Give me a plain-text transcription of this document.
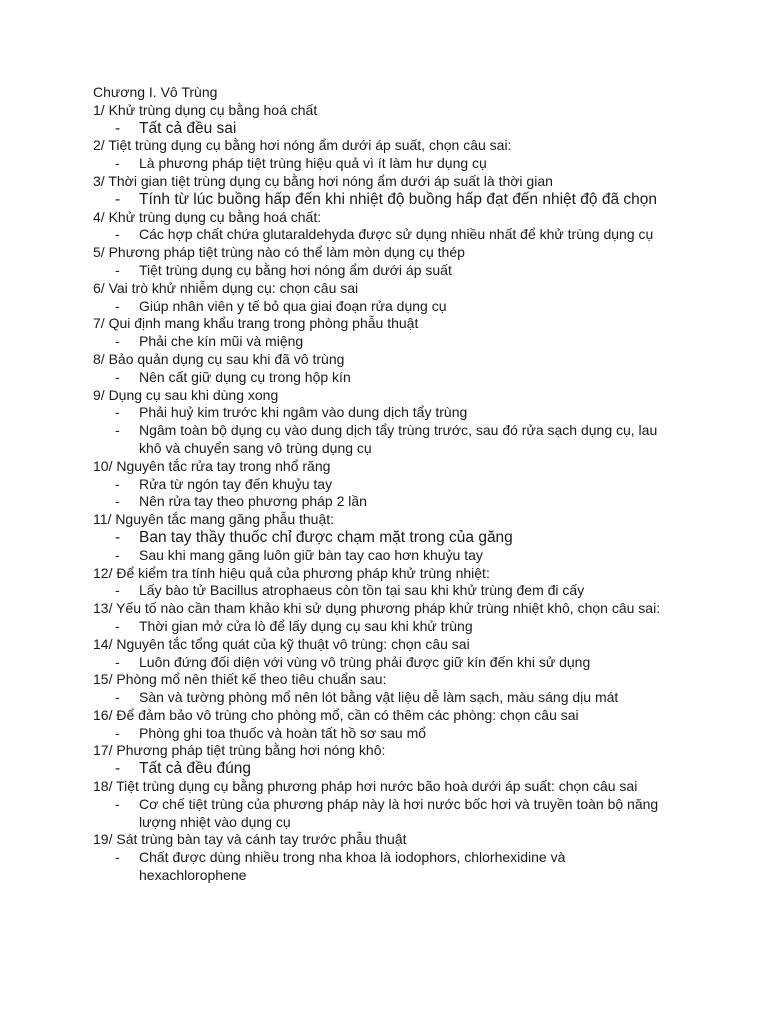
Chương I. Vô Trùng
1/ Khử trùng dụng cụ bằng hoá chất
- Tất cả đều sai
2/ Tiệt trùng dụng cụ bằng hơi nóng ẩm dưới áp suất, chọn câu sai:
- Là phương pháp tiệt trùng hiệu quả vì ít làm hư dụng cụ
3/ Thời gian tiệt trùng dụng cụ bằng hơi nóng ẩm dưới áp suất là thời gian
- Tính từ lúc buồng hấp đến khi nhiệt độ buồng hấp đạt đến nhiệt độ đã chọn
4/ Khử trùng dụng cụ bằng hoá chất:
- Các hợp chất chứa glutaraldehyda được sử dụng nhiều nhất để khử trùng dụng cụ
5/ Phương pháp tiệt trùng nào có thể làm mòn dụng cụ thép
- Tiệt trùng dụng cụ bằng hơi nóng ẩm dưới áp suất
6/ Vai trò khử nhiễm dụng cụ: chọn câu sai
- Giúp nhân viên y tế bỏ qua giai đoạn rửa dụng cụ
7/ Qui định mang khẩu trang trong phòng phẫu thuật
- Phải che kín mũi và miệng
8/ Bảo quản dụng cụ sau khi đã vô trùng
- Nên cất giữ dụng cụ trong hộp kín
9/ Dụng cụ sau khi dùng xong
- Phải huỷ kim trước khi ngâm vào dung dịch tẩy trùng
- Ngâm toàn bộ dụng cụ vào dung dịch tẩy trùng trước, sau đó rửa sạch dụng cụ, lau khô và chuyển sang vô trùng dụng cụ
10/ Nguyên tắc rửa tay trong nhổ răng
- Rửa từ ngón tay đến khuỷu tay
- Nên rửa tay theo phương pháp 2 lần
11/ Nguyên tắc mang găng phẫu thuật:
- Ban tay thầy thuốc chỉ được chạm mặt trong của găng
- Sau khi mang găng luôn giữ bàn tay cao hơn khuỷu tay
12/ Để kiểm tra tính hiệu quả của phương pháp khử trùng nhiệt:
- Lấy bào tử Bacillus atrophaeus còn tồn tại sau khi khử trùng đem đi cấy
13/ Yếu tố nào cần tham khảo khi sử dụng phương pháp khử trùng nhiệt khô, chọn câu sai:
- Thời gian mở cửa lò để lấy dụng cụ sau khi khử trùng
14/ Nguyên tắc tổng quát của kỹ thuật vô trùng: chọn câu sai
- Luôn đứng đối diện với vùng vô trùng phải được giữ kín đến khi sử dụng
15/ Phòng mổ nên thiết kế theo tiêu chuẩn sau:
- Sàn và tường phòng mổ nên lót bằng vật liệu dễ làm sạch, màu sáng dịu mát
16/ Để đảm bảo vô trùng cho phòng mổ, cần có thêm các phòng: chọn câu sai
- Phòng ghi toa thuốc và hoàn tất hồ sơ sau mổ
17/ Phương pháp tiệt trùng bằng hơi nóng khô:
- Tất cả đều đúng
18/ Tiệt trùng dụng cụ bằng phương pháp hơi nước bão hoà dưới áp suất: chọn câu sai
- Cơ chế tiệt trùng của phương pháp này là hơi nước bốc hơi và truyền toàn bộ năng lượng nhiệt vào dụng cụ
19/ Sát trùng bàn tay và cánh tay trước phẫu thuật
- Chất được dùng nhiều trong nha khoa là iodophors, chlorhexidine và hexachlorophene
